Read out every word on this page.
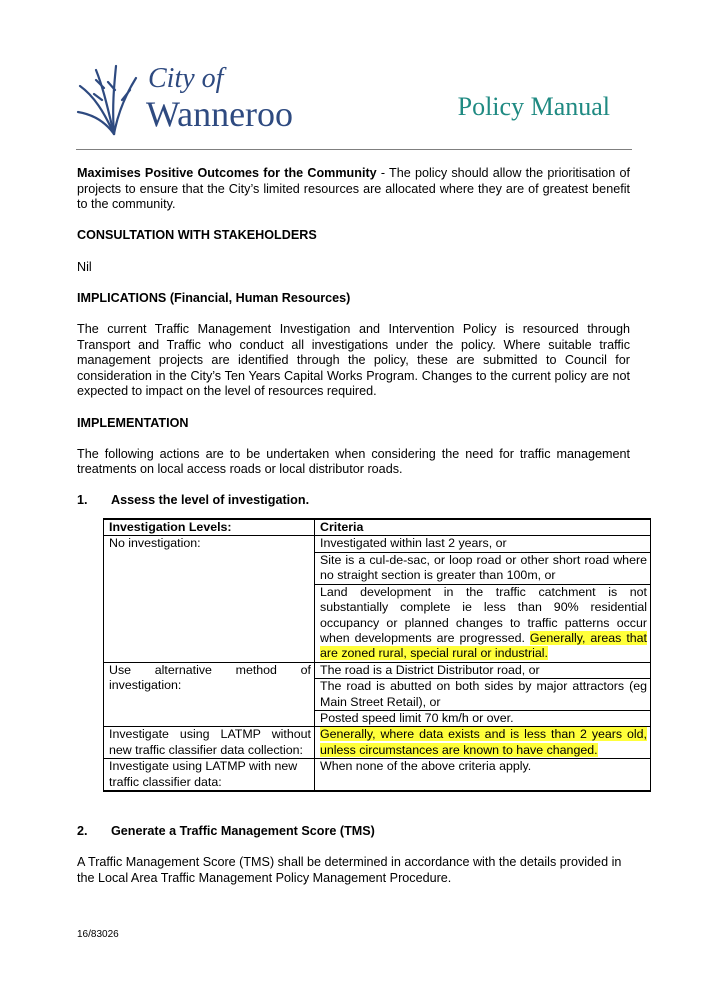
City of
Wanneroo	Policy Manual

Maximises Positive Outcomes for the Community - The policy should allow the prioritisation of projects to ensure that the City’s limited resources are allocated where they are of greatest benefit to the community.

CONSULTATION WITH STAKEHOLDERS

Nil

IMPLICATIONS (Financial, Human Resources)

The current Traffic Management Investigation and Intervention Policy is resourced through Transport and Traffic who conduct all investigations under the policy. Where suitable traffic management projects are identified through the policy, these are submitted to Council for consideration in the City’s Ten Years Capital Works Program. Changes to the current policy are not expected to impact on the level of resources required.

IMPLEMENTATION

The following actions are to be undertaken when considering the need for traffic management treatments on local access roads or local distributor roads.

1.	Assess the level of investigation.
Investigation Levels:	Criteria
No investigation:	Investigated within last 2 years, or
	Site is a cul-de-sac, or loop road or other short road where no straight section is greater than 100m, or
	Land development in the traffic catchment is not substantially complete ie less than 90% residential occupancy or planned changes to traffic patterns occur when developments are progressed. Generally, areas that are zoned rural, special rural or industrial.

Use alternative method of investigation:	The road is a District Distributor road, or
	The road is abutted on both sides by major attractors (eg Main Street Retail), or
	Posted speed limit 70 km/h or over.

Investigate using LATMP without new traffic classifier data collection:	Generally, where data exists and is less than 2 years old, unless circumstances are known to have changed.
Investigate using LATMP with new traffic classifier data:	When none of the above criteria apply.
2.	Generate a Traffic Management Score (TMS)

A Traffic Management Score (TMS) shall be determined in accordance with the details provided in the Local Area Traffic Management Policy Management Procedure.

16/83026
